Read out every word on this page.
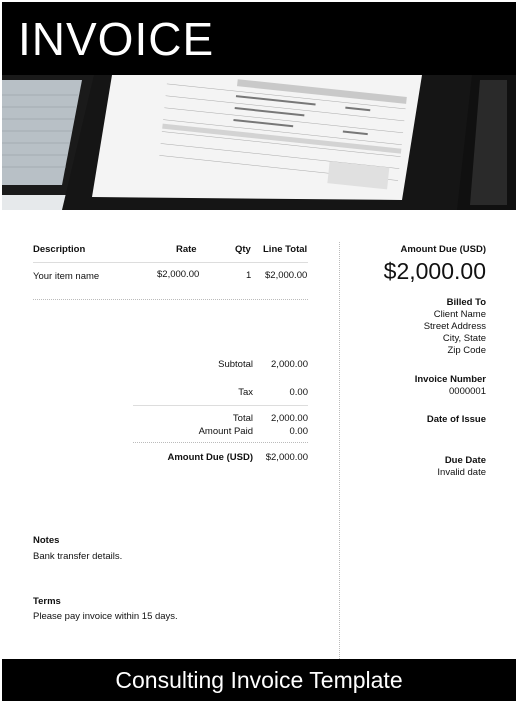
INVOICE
Description	Rate	Qty Line Total
Your item name	$2,000.00	1 $2,000.00
Subtotal 2,000.00
Tax	0.00
Total 2,000.00
Amount Paid	0.00
Amount Due (USD) $2,000.00
Amount Due (USD)
$2,000.00
Billed To
Client Name
Street Address
City, State
Zip Code
Invoice Number
0000001
Date of Issue
Due Date
Invalid date
Notes
Bank transfer details.
Terms
Please pay invoice within 15 days.
Consulting Invoice Template
